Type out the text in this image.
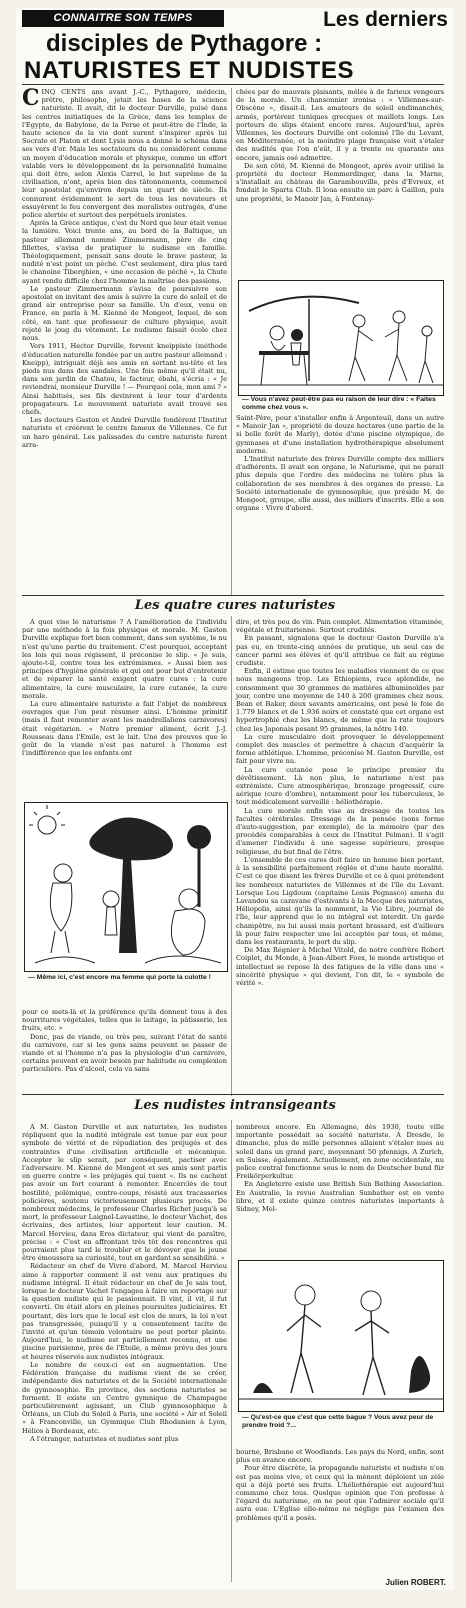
CONNAITRE SON TEMPS	Les derniers
disciples de Pythagore :
NATURISTES ET NUDISTES
C INQ CENTS ans avant J.-C., Pythagore, médecin, prêtre, philosophe, jetait les bases de la science naturiste. Il avait, dit le docteur Durville, puisé dans les centres initiatiques de la Grèce, dans les temples de l'Egypte, de Babylone, de la Perse et peut-être de l'Inde, la haute science de la vie dont surent s'inspirer après lui Socrate et Platon et dont Lysis nous a donné le schéma dans ses vers d'or. Mais les sectateurs du nu considèrent comme un moyen d'éducation morale et physique, comme un effort valable vers le développement de la personnalité humaine qui doit être, selon Alexis Carrel, le but suprême de la civilisation, n'ont, après bien des tâtonnements, commencé leur apostolat qu'environ depuis un quart de siècle. Ils connurent évidemment le sort de tous les novateurs et essuyèrent le feu convergent des moralistes outragés, d'une police alertée et surtout des perpétuels ironistes.

Après la Grèce antique, c'est du Nord que leur était venue la lumière. Voici trente ans, au bord de la Baltique, un pasteur allemand nommé Zimmermann, père de cinq fillettes, s'avisa de pratiquer le nudisme en famille. Théologiquement, pensait sans doute le brave pasteur, la nudité n'est point un péché. C'est seulement, dira plus tard le chanoine Tiberghien, « une occasion de péché », la Chute ayant rendu difficile chez l'homme la maîtrise des passions.

Le pasteur Zimmermann s'avisa de poursuivre son apostolat en invitant des amis à suivre la cure de soleil et de grand air entreprise pour sa famille. Un d'eux, venu en France, en parla à M. Kienné de Mongeot, lequel, de son côté, en tant que professeur de culture physique, avait rejeté le joug du vêtement. Le nudisme faisait école chez nous.

Vers 1911, Hector Durville, fervent kneippiste (méthode d'éducation naturelle fondée par un autre pasteur allemand : Kneipp), intriguait déjà ses amis en sortant nu-tête et les pieds nus dans des sandales. Une fois même qu'il était nu, dans son jardin de Chatou, le facteur, ébahi, s'écria : « Je reviendrai, monsieur Durville ! — Pourquoi cela, mon ami ? » Ainsi habitués, ses fils devinrent à leur tour d'ardents propagateurs. Le mouvement naturiste avait trouvé ses chefs.

Les docteurs Gaston et André Durville fondèrent l'Institut naturiste et créèrent le centre fameux de Villennes. Ce fut un haro général. Les palissades du centre naturiste furent arra-

chées par de mauvais plaisants, mêlés à de farieux vengeurs de la morale. Un chansonnier ironisa : « Villennes-sur-Obscène », disait-il. Les amateurs de soleil endimanchés, armés, portèrent tuniques grecques et maillots longs. Les porteurs de slips étaient encore rares. Aujourd'hui, après Villennes, les docteurs Durville ont colonisé l'île du Levant, en Méditerranée, et la moindre plage française voit s'étaler des nudités que l'on n'eût, il y a trente ou quarante ans encore, jamais osé admettre.

De son côté, M. Kienné de Mongeot, après avoir utilisé la propriété du docteur Hemmerdinger, dans la Marne, s'installait au château de Garambouville, près d'Evreux, et fondait le Sparta Club. Il loua ensuite un parc à Gaillon, puis une propriété, le Manoir Jan, à Fontenay-

— Vous n'avez peut-être pas eu raison de leur dire : « Faites comme chez vous ».

Saint-Père, pour s'installer enfin à Argenteuil, dans un autre « Manoir Jan », propriété de douze hectares (une partie de la si belle forêt de Marly), dotée d'une piscine olympique, de gymnases et d'une installation hydrothérapique absolument moderne.

L'Institut naturiste des frères Durville compte des milliers d'adhérents. Il avait son organe, le Naturisme, qui ne parait plus depuis que l'ordre des médecins ne tolère plus la collaboration de ses membres à des organes de presse. La Société internationale de gymnosophie, que préside M. de Mongeot, groupe, elle aussi, des milliers d'inscrits. Elle a son organe : Vivre d'abord.

Les quatre cures naturistes

A quoi vise le naturisme ? A l'amélioration de l'individu par une méthode à la fois physique et morale. M. Gaston Durville explique fort bien comment, dans son système, le nu n'est qu'une partie du traitement. C'est pourquoi, acceptant les lois qui nous régissent, il préconise le slip. « Je suis, ajoute-t-il, contre tous les extrémismes. » Aussi bien ses principes d'hygiène générale et qui ont pour but d'entretenir et de réparer la santé exigent quatre cures : la cure alimentaire, la cure musculaire, la cure cutanée, la cure morale.

La cure alimentaire naturiste a fait l'objet de nombreux ouvrages que l'on peut résumer ainsi. L'homme primitif (mais il faut remonter avant les mandrellaliens carnivores) était végétarien. « Notre premier aliment, écrit J.-J. Rousseau dans l'Emile, est le lait. Une des preuves que le goût de la viande n'est pas naturel à l'homme est l'indifférence que les enfants ont

— Même ici, c'est encore ma femme qui porte la culotte !

dire, et très peu de vin. Pain complet. Alimentation vitaminée, végétale et fruitarienne. Surtout crudités.

En passant, signalons que le docteur Gaston Durville n'a pas eu, en trente-cinq années de pratique, un seul cas de cancer parmi ses élèves et qu'il attribue ce fait au régime crudiste.

Enfin, il estime que toutes les maladies viennent de ce que nous mangeons trop. Les Ethiopiens, race splendide, ne consomment que 30 grammes de matières albuminoïdes par jour, contre une moyenne de 140 à 200 grammes chez nous. Bean et Baker, deux savants américains, ont pesé le foie de 1.779 blancs et de 1.936 noirs et constaté que cet organe est hypertrophié chez les blancs, de même que la rate toujours chez les Japonais pesant 95 grammes, la nôtre 140.

La cure musculaire doit provoquer le développement complet des muscles et permettre à chacun d'acquérir la forme athlétique. L'homme, préconise M. Gaston Durville, est fait pour vivre nu.

La cure cutanée pose le principe premier du dévêtissement. Là non plus, le naturisme n'est pas extrémiste. Cure atmosphérique, bronzage progressif, cure aérique (cure d'ombre), notamment pour les tuberculeux, le tout médicalement surveillé : héliothérapie.

La cure morale enfin vise au dressage de toutes les facultés cérébrales. Dressage de la pensée (sons forme d'auto-suggestion, par exemple), de la mémoire (par des procédés comparables à ceux de l'Institut Pelman). Il s'agit d'amener l'individu à une sagesse supérieure, presque religieuse, du but final de l'être.

L'ensemble de ces cures doit faire un homme bien portant, à la sensibilité parfaitement réglée et d'une haute moralité. C'est ce que disent les frères Durville et ce à quoi prétendent les nombreux naturistes de Villennes et de l'île du Levant. Lorsque Lou Ligdoum (capitaine Louis Pegnasco) amena du Lavandou sa caravane d'estivants à la Mecque des naturistes, Héliopolis, ainsi qu'ils la nomment, la Vie Libre, journal de l'île, leur apprend que le nu intégral est interdit. Un garde champêtre, nu lui aussi mais portant brassard, est d'ailleurs là pour faire respecter une loi acceptée par tous, et même, dans les restaurants, le port du slip.

De Max Régnier à Michel Vitold, de notre confrère Robert Coiplet, du Monde, à Jean-Albert Foex, le monde artistique et intellectuel se repose là des fatigues de la ville dans une « sincérité physique » qui devient, l'on dit, le « symbole de vérité ».

pour ce mets-là et la préférence qu'ils donnent tous à des nourritures végétales, telles que le laitage, la pâtisserie, les fruits, etc. »

Donc, pas de viande, ou très peu, suivant l'état de santé du carnivore, car si les gens sains peuvent se passer de viande et si l'homme n'a pas la physiologie d'un carnivore, certains peuvent en avoir besoin par habitude ou complexion particulière. Pas d'alcool, cela va sans

Les nudistes intransigeants

A M. Gaston Durville et aux naturistes, les nudistes répliquent que la nudité intégrale est tenue par eux pour symbole de vérité et de répudiation des préjugés et des contraintes d'une civilisation artificielle et mécanique. Accepter le slip serait, par conséquent, pactiser avec l'adversaire. M. Kienné de Mongeot et ses amis sont partis en guerre contre « les préjugés qui tuent ». Ils ne cachent pas avoir un fort courant à remonter. Encerclés de tout hostilité, polémique, contre-coups, résisté aux tracasseries policières, soutenu victorieusement plusieurs procès. De nombreux médecins, le professeur Charles Richet jusqu'à sa mort, le professeur Laignel-Lavastine, le docteur Vachet, des écrivains, des artistes, leur apportent leur caution. M. Marcel Hervieu, dans Eros dictateur, qui vient de paraître, précise : « C'est en affrontant très tôt des rencontres qui pourraient plus tard le troubler et le dévoyer que le jeune être émoussera sa curiosité, tout en gardant sa sensibilité. »

Rédacteur en chef de Vivre d'abord, M. Marcel Hervieu aime à rapporter comment il est venu aux pratiques du nudisme intégral. Il était rédacteur en chef de Je sais tout, lorsque le docteur Vachet l'engagea à faire un reportage sur la question nudiste qui le passionnait. Il vint, il vit, il fut converti. On était alors en pleines poursuites judiciaires. Et pourtant, dès lors que le local est clos de murs, la loi n'est pas transgressée, puisqu'il y a consentement tacite de l'invité et qu'un témoin volontaire ne peut porter plainte. Aujourd'hui, le nudisme est partiellement reconnu, et une piscine parisienne, près de l'Etoile, a même prévu des jours et heures réservés aux nudistes intégraux.

Le nombre de ceux-ci est en augmentation. Une Fédération française du nudisme vient de se créer, indépendante des naturistes et de la Société internationale de gymnosophie. En province, des sections naturistes se forment. Il existe un Centre gymnique de Champagne particulièrement agissant, un Club gymnosophique à Orléans, un Club du Soleil à Paris, une société « Air et Soleil » à Franconville, un Gymnique Club Rhodanien à Lyon, Hélios à Bordeaux, etc.

A l'étranger, naturistes et nudistes sont plus

nombreux encore. En Allemagne, dès 1930, toute ville importante possédait sa société naturiste. A Dresde, le dimanche, plus de mille personnes allaient s'étaler nues au soleil dans un grand parc, moyennant 50 pfennigs. A Zurich, en Suisse, également. Actuellement, en zone occidentale, nu police central fonctionne sous le nom de Deutscher bund für Freikörperkultur.

En Angleterre existe une British Sun Bathing Association. En Australie, la revue Australian Sunbather est en vente libre, et il existe quinze centres naturistes importants à Sidney, Mel-

— Qu'est-ce que c'est que cette bague ? Vous avez peur de prendre froid ?...

bourne, Brisbane et Woodlands. Les pays du Nord, enfin, sont plus en avance encore.

Pour être discrète, la propagande naturiste et nudiste n'en est pas moins vive, et ceux qui la mènent déploient un zèle qui a déjà porté ses fruits. L'héliothérapie est aujourd'hui commune chez tous. Quelque opinion que l'on professe à l'égard du naturisme, on ne peut que l'admirer sociale qu'il aura eue. L'Eglise elle-même ne néglige pas l'examen des problèmes qu'il a posés.

Julien ROBERT.
